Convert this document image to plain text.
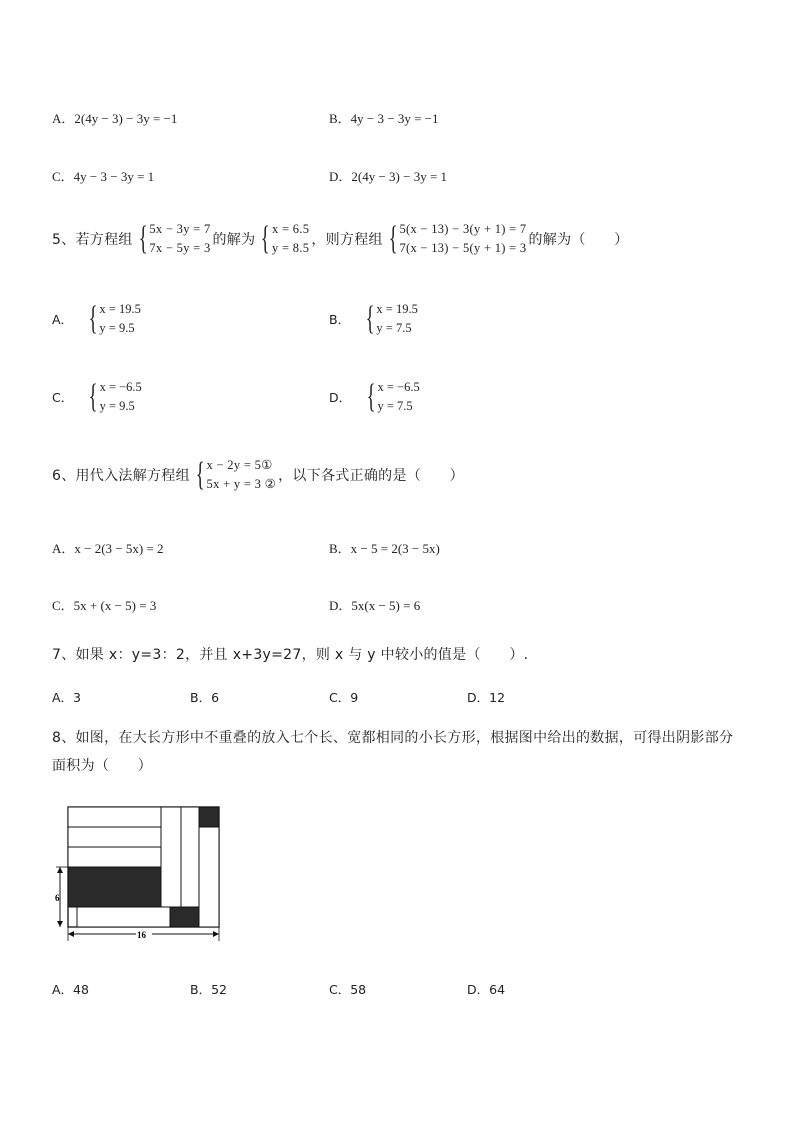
A．2(4y − 3) − 3y = −1	B．4y − 3 − 3y = −1
C．4y − 3 − 3y = 1	D．2(4y − 3) − 3y = 1
5、若方程组 { 5x − 3y = 7
7x − 5y = 3 的解为 { x = 6.5
y = 8.5 ，则方程组 { 5(x − 13) − 3(y + 1) = 7
7(x − 13) − 5(y + 1) = 3 的解为（　　）
A． { x = 19.5
y = 9.5
B． { x = 19.5
y = 7.5
C． { x = −6.5
y = 9.5
D． { x = −6.5
y = 7.5
6、用代入法解方程组 { x − 2y = 5①
5x + y = 3 ② ，以下各式正确的是（　　）
A．x − 2(3 − 5x) = 2	B．x − 5 = 2(3 − 5x)
C．5x + (x − 5) = 3	D．5x(x − 5) = 6
7、如果 x：y=3：2，并且 x+3y=27，则 x 与 y 中较小的值是（　　）.
A．3	B．6	C．9	D．12
8、如图，在大长方形中不重叠的放入七个长、宽都相同的小长方形，根据图中给出的数据，可得出阴影部分面积为（　　）
6
16
A．48	B．52	C．58	D．64
